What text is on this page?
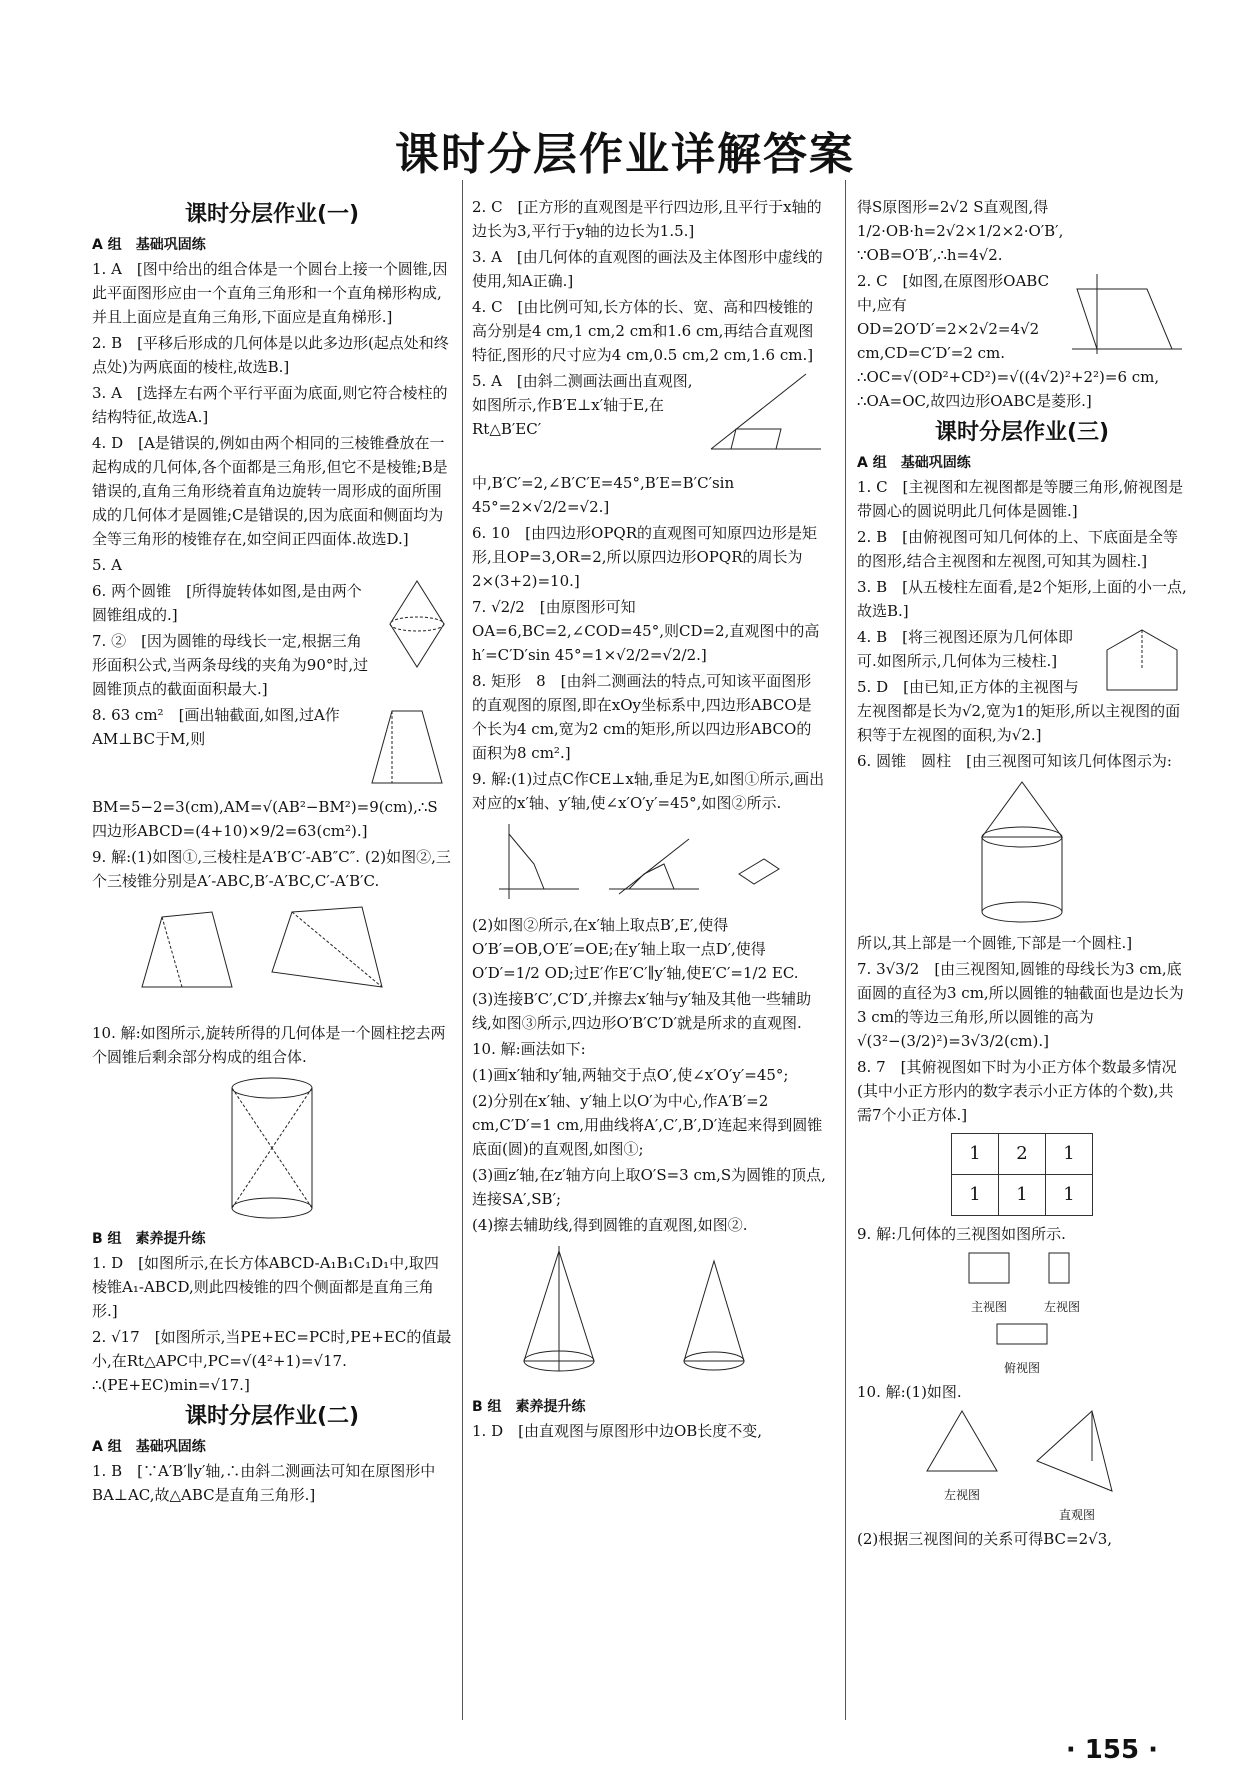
课时分层作业详解答案
课时分层作业(一)
A 组　基础巩固练
1. A　[图中给出的组合体是一个圆台上接一个圆锥,因此平面图形应由一个直角三角形和一个直角梯形构成,并且上面应是直角三角形,下面应是直角梯形.]
2. B　[平移后形成的几何体是以此多边形(起点处和终点处)为两底面的棱柱,故选B.]
3. A　[选择左右两个平行平面为底面,则它符合棱柱的结构特征,故选A.]
4. D　[A是错误的,例如由两个相同的三棱锥叠放在一起构成的几何体,各个面都是三角形,但它不是棱锥;B是错误的,直角三角形绕着直角边旋转一周形成的面所围成的几何体才是圆锥;C是错误的,因为底面和侧面均为全等三角形的棱锥存在,如空间正四面体.故选D.]
5. A
6. 两个圆锥　[所得旋转体如图,是由两个圆锥组成的.]
7. ②　[因为圆锥的母线长一定,根据三角形面积公式,当两条母线的夹角为90°时,过圆锥顶点的截面面积最大.]
8. 63 cm²　[画出轴截面,如图,过A作AM⊥BC于M,则BM=5−2=3(cm),AM=√(AB²−BM²)=9(cm),∴S四边形ABCD=(4+10)×9/2=63(cm²).]
9. 解:(1)如图①,三棱柱是A′B′C′-AB″C″. (2)如图②,三个三棱锥分别是A′-ABC,B′-A′BC,C′-A′B′C.
10. 解:如图所示,旋转所得的几何体是一个圆柱挖去两个圆锥后剩余部分构成的组合体.
B 组　素养提升练
1. D　[如图所示,在长方体ABCD-A₁B₁C₁D₁中,取四棱锥A₁-ABCD,则此四棱锥的四个侧面都是直角三角形.]
2. √17　[如图所示,当PE+EC=PC时,PE+EC的值最小,在Rt△APC中,PC=√(4²+1)=√17. ∴(PE+EC)min=√17.]
课时分层作业(二)
A 组　基础巩固练
1. B　[∵A′B′∥y′轴,∴由斜二测画法可知在原图形中BA⊥AC,故△ABC是直角三角形.]
2. C　[正方形的直观图是平行四边形,且平行于x轴的边长为3,平行于y轴的边长为1.5.]
3. A　[由几何体的直观图的画法及主体图形中虚线的使用,知A正确.]
4. C　[由比例可知,长方体的长、宽、高和四棱锥的高分别是4 cm,1 cm,2 cm和1.6 cm,再结合直观图特征,图形的尺寸应为4 cm,0.5 cm,2 cm,1.6 cm.]
5. A　[由斜二测画法画出直观图,如图所示,作B′E⊥x′轴于E,在Rt△B′EC′中,B′C′=2,∠B′C′E=45°,B′E=B′C′sin 45°=2×√2/2=√2.]
6. 10　[由四边形OPQR的直观图可知原四边形是矩形,且OP=3,OR=2,所以原四边形OPQR的周长为2×(3+2)=10.]
7. √2/2　[由原图形可知OA=6,BC=2,∠COD=45°,则CD=2,直观图中的高h′=C′D′sin 45°=1×√2/2=√2/2.]
8. 矩形　8　[由斜二测画法的特点,可知该平面图形的直观图的原图,即在xOy坐标系中,四边形ABCO是个长为4 cm,宽为2 cm的矩形,所以四边形ABCO的面积为8 cm².]
9. 解:(1)过点C作CE⊥x轴,垂足为E,如图①所示,画出对应的x′轴、y′轴,使∠x′O′y′=45°,如图②所示.
(2)如图②所示,在x′轴上取点B′,E′,使得O′B′=OB,O′E′=OE;在y′轴上取一点D′,使得O′D′=1/2 OD;过E′作E′C′∥y′轴,使E′C′=1/2 EC.
(3)连接B′C′,C′D′,并擦去x′轴与y′轴及其他一些辅助线,如图③所示,四边形O′B′C′D′就是所求的直观图.
10. 解:画法如下:
(1)画x′轴和y′轴,两轴交于点O′,使∠x′O′y′=45°;
(2)分别在x′轴、y′轴上以O′为中心,作A′B′=2 cm,C′D′=1 cm,用曲线将A′,C′,B′,D′连起来得到圆锥底面(圆)的直观图,如图①;
(3)画z′轴,在z′轴方向上取O′S=3 cm,S为圆锥的顶点,连接SA′,SB′;
(4)擦去辅助线,得到圆锥的直观图,如图②.
B 组　素养提升练
1. D　[由直观图与原图形中边OB长度不变,
得S原图形=2√2 S直观图,得1/2·OB·h=2√2×1/2×2·O′B′, ∵OB=O′B′,∴h=4√2.
2. C　[如图,在原图形OABC中,应有OD=2O′D′=2×2√2=4√2 cm,CD=C′D′=2 cm. ∴OC=√(OD²+CD²)=√((4√2)²+2²)=6 cm, ∴OA=OC,故四边形OABC是菱形.]
课时分层作业(三)
A 组　基础巩固练
1. C　[主视图和左视图都是等腰三角形,俯视图是带圆心的圆说明此几何体是圆锥.]
2. B　[由俯视图可知几何体的上、下底面是全等的图形,结合主视图和左视图,可知其为圆柱.]
3. B　[从五棱柱左面看,是2个矩形,上面的小一点,故选B.]
4. B　[将三视图还原为几何体即可.如图所示,几何体为三棱柱.]
5. D　[由已知,正方体的主视图与左视图都是长为√2,宽为1的矩形,所以主视图的面积等于左视图的面积,为√2.]
6. 圆锥　圆柱　[由三视图可知该几何体图示为:
所以,其上部是一个圆锥,下部是一个圆柱.]
7. 3√3/2　[由三视图知,圆锥的母线长为3 cm,底面圆的直径为3 cm,所以圆锥的轴截面也是边长为3 cm的等边三角形,所以圆锥的高为√(3²−(3/2)²)=3√3/2(cm).]
8. 7　[其俯视图如下时为小正方体个数最多情况(其中小正方形内的数字表示小正方体的个数),共需7个小正方体.]
1	2	1
1	1	1
9. 解:几何体的三视图如图所示.
主视图	左视图
俯视图
10. 解:(1)如图.
左视图
直观图
(2)根据三视图间的关系可得BC=2√3,
· 155 ·
